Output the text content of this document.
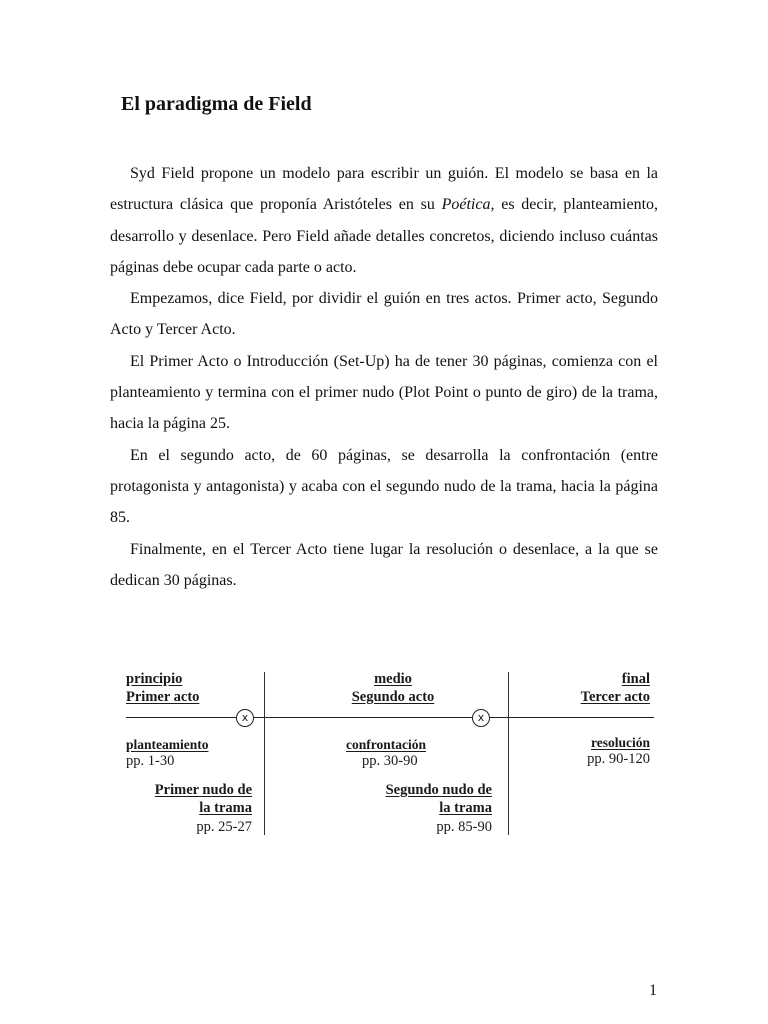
El paradigma de Field

Syd Field propone un modelo para escribir un guión. El modelo se basa en la estructura clásica que proponía Aristóteles en su Poética, es decir, planteamiento, desarrollo y desenlace. Pero Field añade detalles concretos, diciendo incluso cuántas páginas debe ocupar cada parte o acto.

Empezamos, dice Field, por dividir el guión en tres actos. Primer acto, Segundo Acto y Tercer Acto.

El Primer Acto o Introducción (Set-Up) ha de tener 30 páginas, comienza con el planteamiento y termina con el primer nudo (Plot Point o punto de giro) de la trama, hacia la página 25.

En el segundo acto, de 60 páginas, se desarrolla la confrontación (entre protagonista y antagonista) y acaba con el segundo nudo de la trama, hacia la página 85.

Finalmente, en el Tercer Acto tiene lugar la resolución o desenlace, a la que se dedican 30 páginas.

principio
Primer acto
medio
Segundo acto
final
Tercer acto
x	x
planteamiento
pp. 1-30
Primer nudo de
la trama
pp. 25-27
confrontación
pp. 30-90
Segundo nudo de
la trama
pp. 85-90
resolución
pp. 90-120
1
